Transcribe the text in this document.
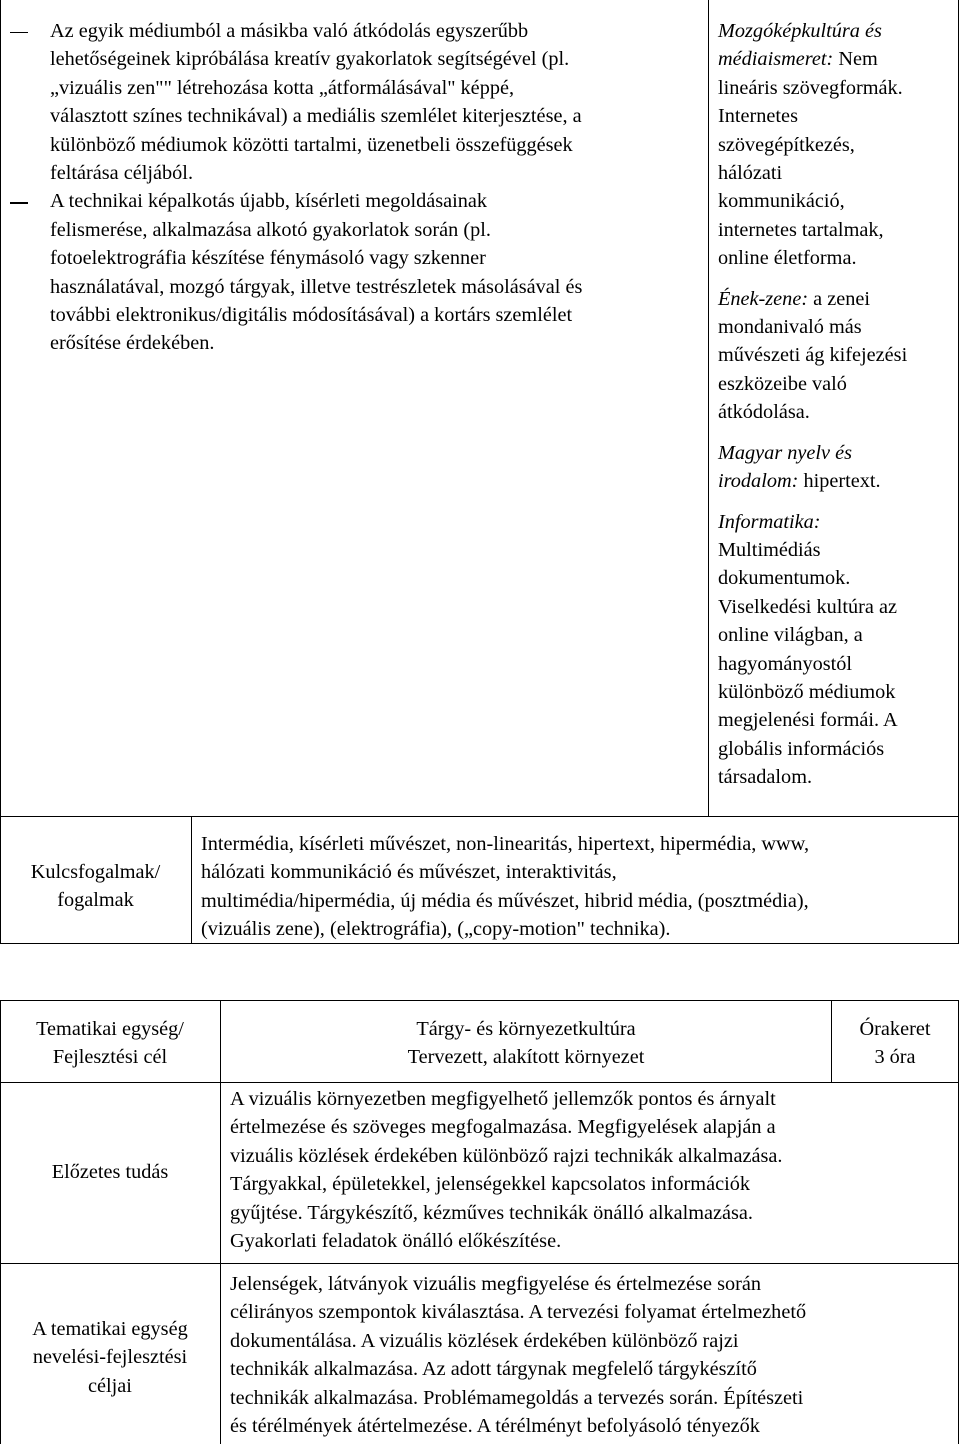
Az egyik médiumból a másikba való átkódolás egyszerűbb
lehetőségeinek kipróbálása kreatív gyakorlatok segítségével (pl.
„vizuális zen"" létrehozása kotta „átformálásával" képpé,
választott színes technikával) a mediális szemlélet kiterjesztése, a
különböző médiumok közötti tartalmi, üzenetbeli összefüggések
feltárása céljából.
A technikai képalkotás újabb, kísérleti megoldásainak
felismerése, alkalmazása alkotó gyakorlatok során (pl.
fotoelektrográfia készítése fénymásoló vagy szkenner
használatával, mozgó tárgyak, illetve testrészletek másolásával és
további elektronikus/digitális módosításával) a kortárs szemlélet
erősítése érdekében.
Mozgóképkultúra és
médiaismeret: Nem
lineáris szövegformák.
Internetes
szövegépítkezés,
hálózati
kommunikáció,
internetes tartalmak,
online életforma.
Ének-zene: a zenei
mondanivaló más
művészeti ág kifejezési
eszközeibe való
átkódolása.
Magyar nyelv és
irodalom: hipertext.
Informatika:
Multimédiás
dokumentumok.
Viselkedési kultúra az
online világban, a
hagyományostól
különböző médiumok
megjelenési formái. A
globális információs
társadalom.
Kulcsfogalmak/
fogalmak
Intermédia, kísérleti művészet, non-linearitás, hipertext, hipermédia, www,
hálózati kommunikáció és művészet, interaktivitás,
multimédia/hipermédia, új média és művészet, hibrid média, (posztmédia),
(vizuális zene), (elektrográfia), („copy-motion" technika).
Tematikai egység/
Fejlesztési cél
Tárgy- és környezetkultúra
Tervezett, alakított környezet
Órakeret
3 óra
Előzetes tudás
A vizuális környezetben megfigyelhető jellemzők pontos és árnyalt
értelmezése és szöveges megfogalmazása. Megfigyelések alapján a
vizuális közlések érdekében különböző rajzi technikák alkalmazása.
Tárgyakkal, épületekkel, jelenségekkel kapcsolatos információk
gyűjtése. Tárgykészítő, kézműves technikák önálló alkalmazása.
Gyakorlati feladatok önálló előkészítése.
A tematikai egység
nevelési-fejlesztési
céljai
Jelenségek, látványok vizuális megfigyelése és értelmezése során
célirányos szempontok kiválasztása. A tervezési folyamat értelmezhető
dokumentálása. A vizuális közlések érdekében különböző rajzi
technikák alkalmazása. Az adott tárgynak megfelelő tárgykészítő
technikák alkalmazása. Problémamegoldás a tervezés során. Építészeti
és térélmények átértelmezése. A térélményt befolyásoló tényezők
